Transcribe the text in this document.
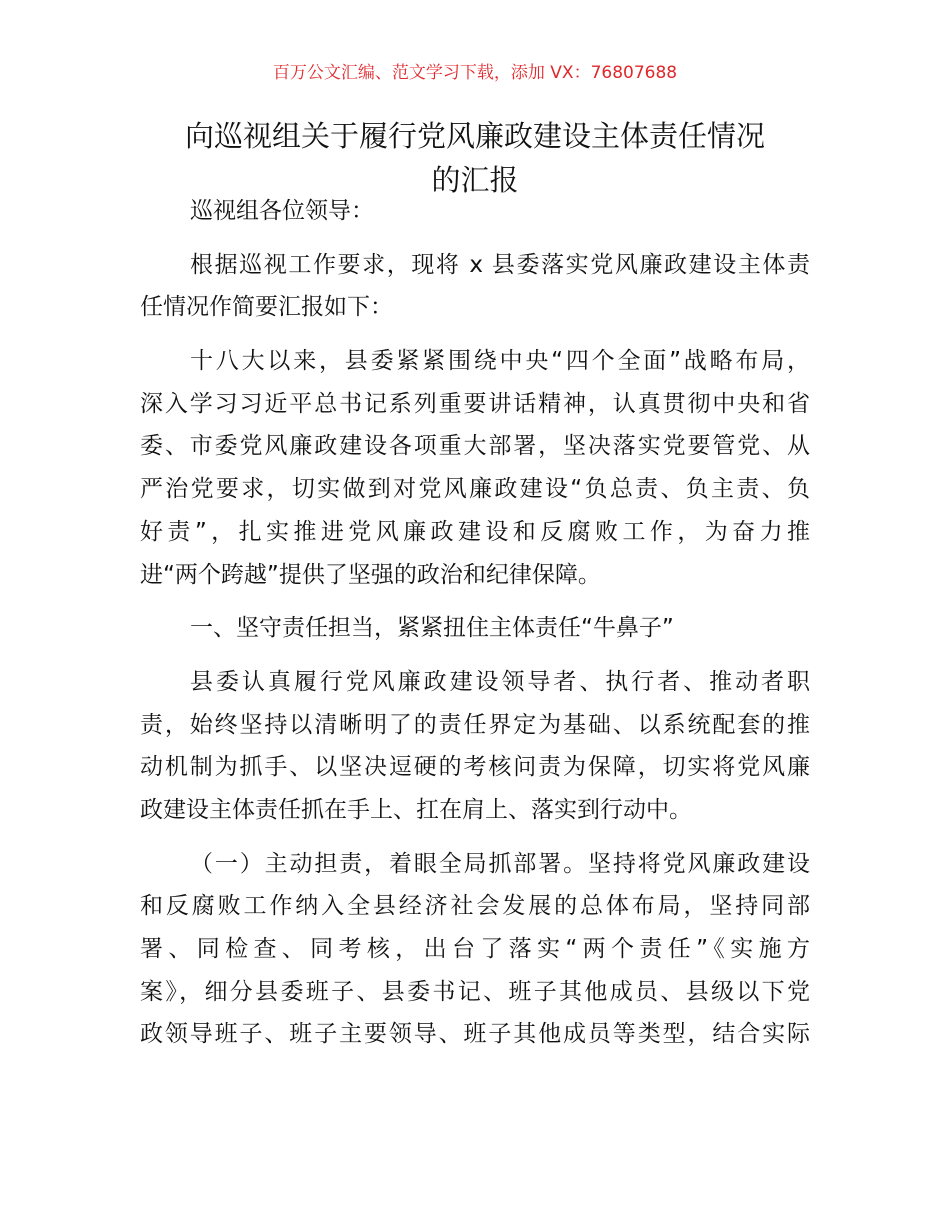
百万公文汇编、范文学习下载，添加 VX：76807688
向巡视组关于履行党风廉政建设主体责任情况
的汇报
巡视组各位领导：
根据巡视工作要求，现将 x 县委落实党风廉政建设主体责
任情况作简要汇报如下：
十八大以来，县委紧紧围绕中央“四个全面”战略布局，
深入学习习近平总书记系列重要讲话精神，认真贯彻中央和省
委、市委党风廉政建设各项重大部署，坚决落实党要管党、从
严治党要求，切实做到对党风廉政建设“负总责、负主责、负
好责”，扎实推进党风廉政建设和反腐败工作，为奋力推
进“两个跨越”提供了坚强的政治和纪律保障。
一、坚守责任担当，紧紧扭住主体责任“牛鼻子”
县委认真履行党风廉政建设领导者、执行者、推动者职
责，始终坚持以清晰明了的责任界定为基础、以系统配套的推
动机制为抓手、以坚决逗硬的考核问责为保障，切实将党风廉
政建设主体责任抓在手上、扛在肩上、落实到行动中。
（一）主动担责，着眼全局抓部署。坚持将党风廉政建设
和反腐败工作纳入全县经济社会发展的总体布局，坚持同部
署、同检查、同考核，出台了落实“两个责任”《实施方
案》，细分县委班子、县委书记、班子其他成员、县级以下党
政领导班子、班子主要领导、班子其他成员等类型，结合实际
